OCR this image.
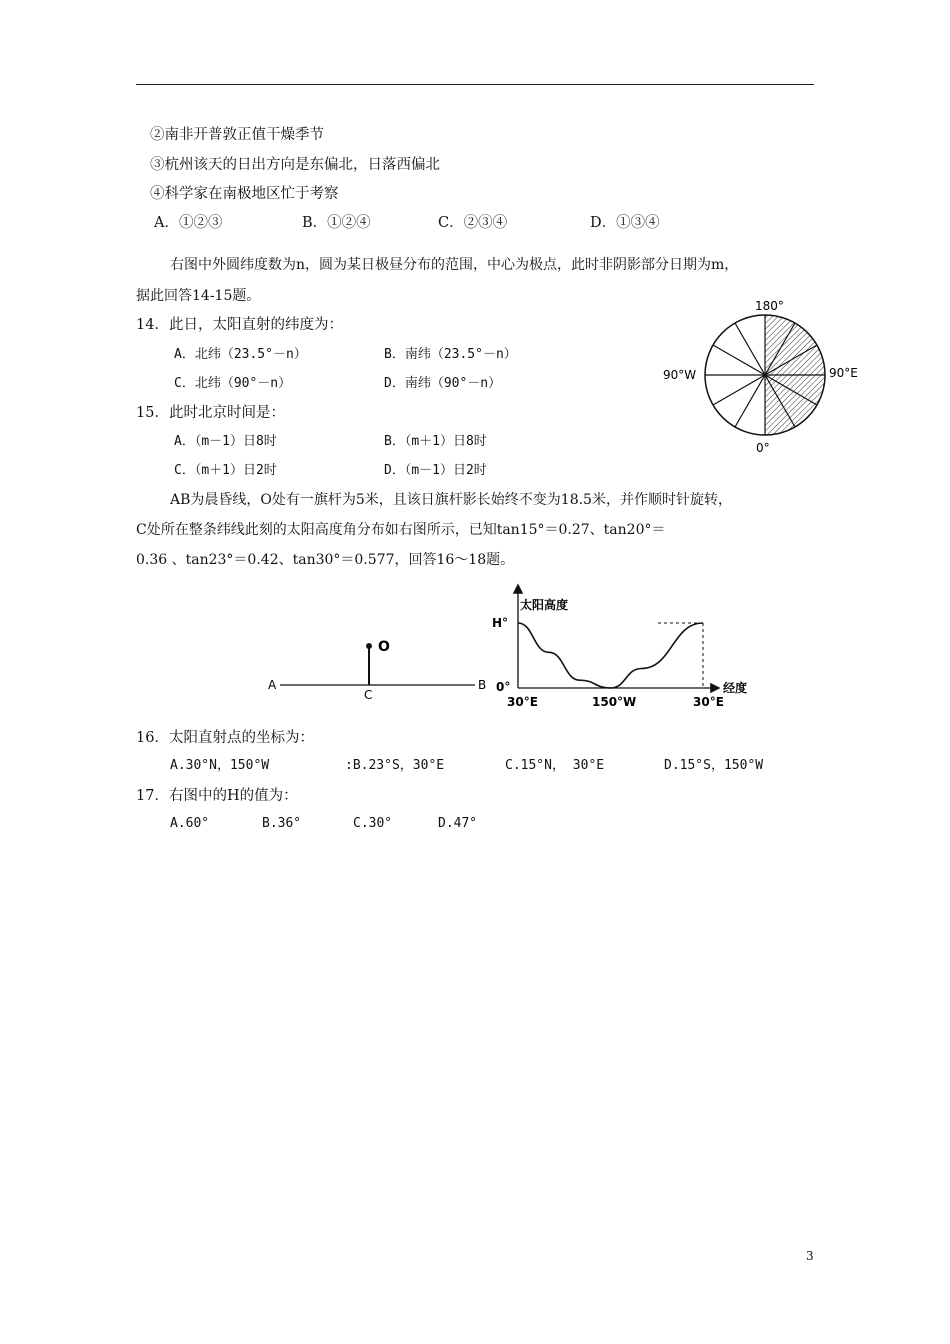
②南非开普敦正值干燥季节
③杭州该天的日出方向是东偏北，日落西偏北
④科学家在南极地区忙于考察
A．①②③	B．①②④	C．②③④	D．①③④
右图中外圆纬度数为n，圆为某日极昼分布的范围，中心为极点，此时非阴影部分日期为m，
据此回答14-15题。
14．此日，太阳直射的纬度为：
A．北纬（23.5°－n）	B．南纬（23.5°－n）
C．北纬（90°－n）	D．南纬（90°－n）
15．此时北京时间是：
A．（m－1）日8时	B．（m＋1）日8时
C．（m＋1）日2时	D．（m－1）日2时
AB为晨昏线，O处有一旗杆为5米，且该日旗杆影长始终不变为18.5米，并作顺时针旋转，
C处所在整条纬线此刻的太阳高度角分布如右图所示，已知tan15°＝0.27、tan20°＝
0.36 、tan23°＝0.42、tan30°＝0.577，回答16～18题。
180°
90°W	90°E
0°
O
A	B
C
太阳高度
H°
0°	经度
30°E	150°W	30°E
16．太阳直射点的坐标为：
A.30°N，150°W	:B.23°S，30°E	C.15°N， 30°E	D.15°S，150°W
17．右图中的H的值为：
A.60°	B.36°	C.30°	D.47°
3
